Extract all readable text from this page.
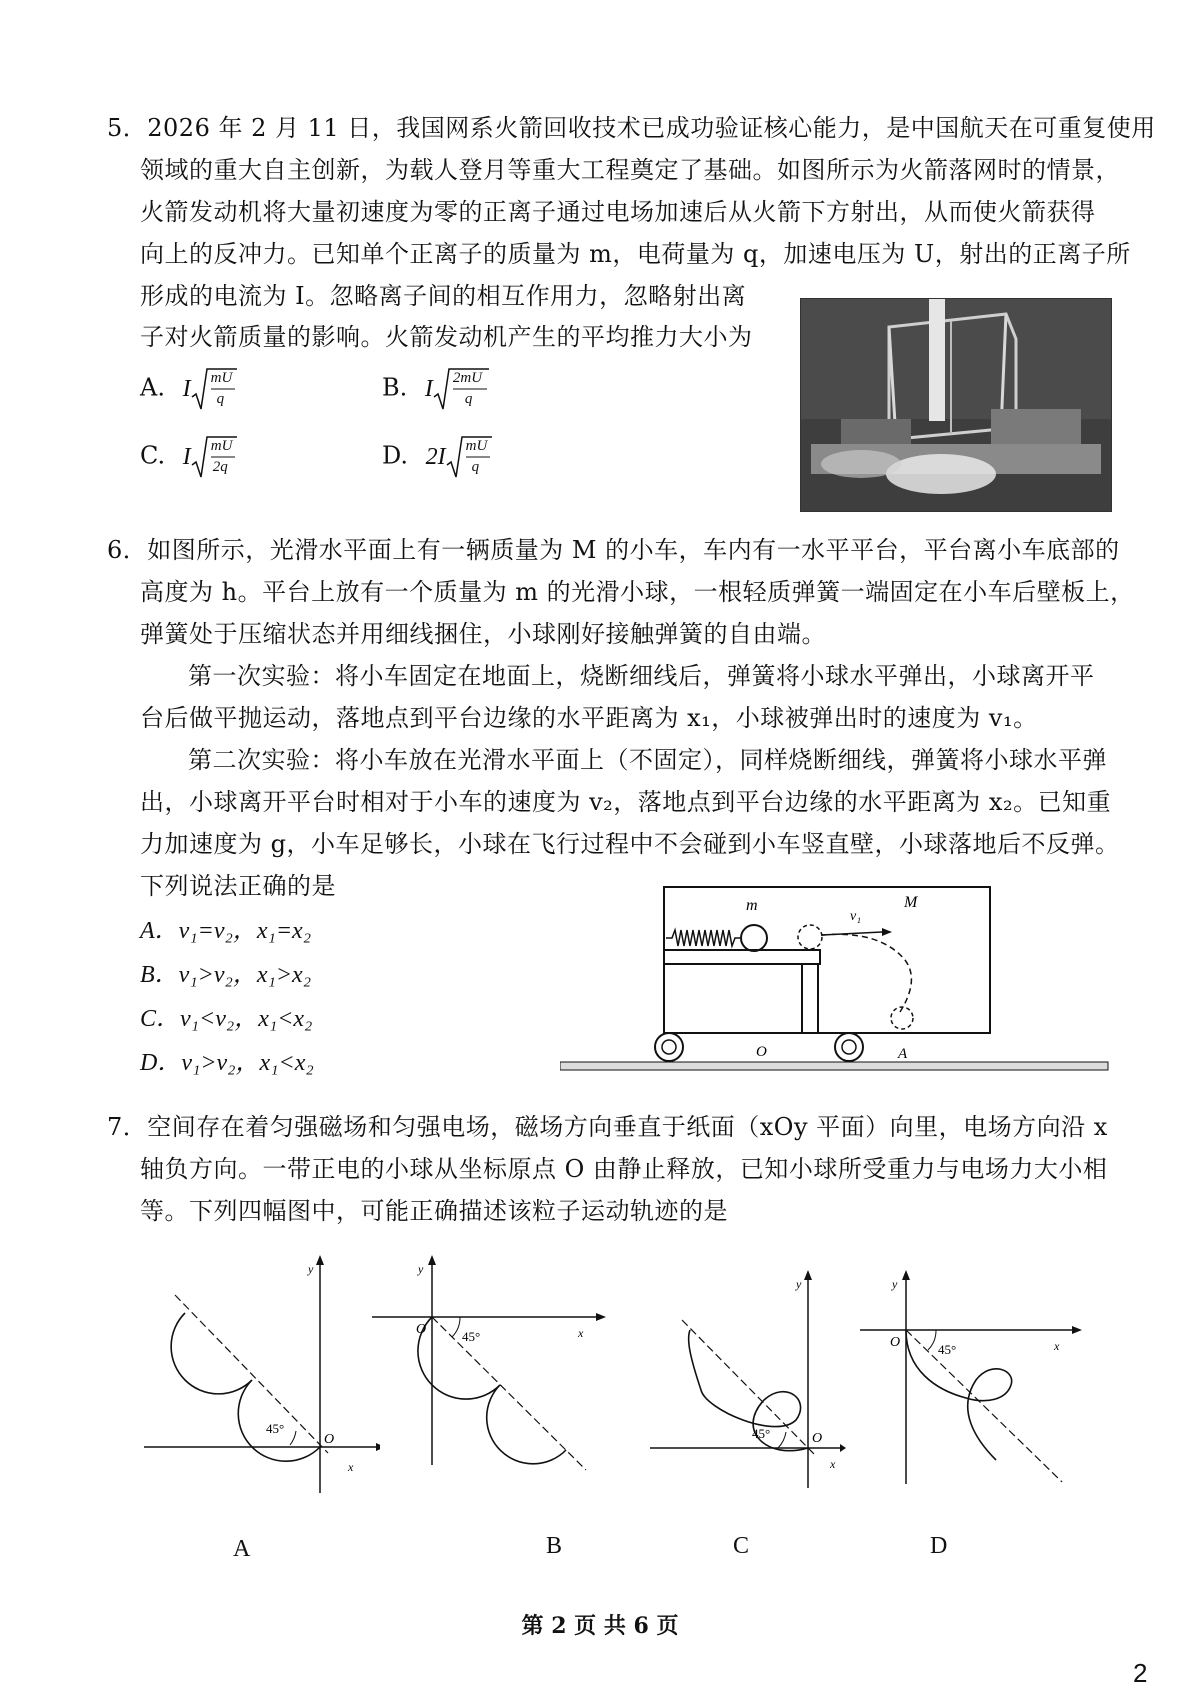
5．2026 年 2 月 11 日，我国网系火箭回收技术已成功验证核心能力，是中国航天在可重复使用
领域的重大自主创新，为载人登月等重大工程奠定了基础。如图所示为火箭落网时的情景，
火箭发动机将大量初速度为零的正离子通过电场加速后从火箭下方射出，从而使火箭获得
向上的反冲力。已知单个正离子的质量为 m，电荷量为 q，加速电压为 U，射出的正离子所
形成的电流为 I。忽略离子间的相互作用力，忽略射出离
子对火箭质量的影响。火箭发动机产生的平均推力大小为
A. I mU
q	B. I 2mU
q
C. I mU
2q	D. 2I mU
q
6．如图所示，光滑水平面上有一辆质量为 M 的小车，车内有一水平平台，平台离小车底部的
高度为 h。平台上放有一个质量为 m 的光滑小球，一根轻质弹簧一端固定在小车后壁板上，
弹簧处于压缩状态并用细线捆住，小球刚好接触弹簧的自由端。
第一次实验：将小车固定在地面上，烧断细线后，弹簧将小球水平弹出，小球离开平
台后做平抛运动，落地点到平台边缘的水平距离为 x₁，小球被弹出时的速度为 v₁。
第二次实验：将小车放在光滑水平面上（不固定），同样烧断细线，弹簧将小球水平弹
出，小球离开平台时相对于小车的速度为 v₂，落地点到平台边缘的水平距离为 x₂。已知重
力加速度为 g，小车足够长，小球在飞行过程中不会碰到小车竖直壁，小球落地后不反弹。
下列说法正确的是
A．v₁=v₂，x₁=x₂
B．v₁>v₂，x₁>x₂
C．v₁<v₂，x₁<x₂
D．v₁>v₂，x₁<x₂
m
v₁
M
O	A
7．空间存在着匀强磁场和匀强电场，磁场方向垂直于纸面（xOy 平面）向里，电场方向沿 x
轴负方向。一带正电的小球从坐标原点 O 由静止释放，已知小球所受重力与电场力大小相
等。下列四幅图中，可能正确描述该粒子运动轨迹的是
45°
O
x
y
A
45°
O	x
y
B
45°	O
x
y
C
45°
O	x
y
D
第 2 页 共 6 页
2
